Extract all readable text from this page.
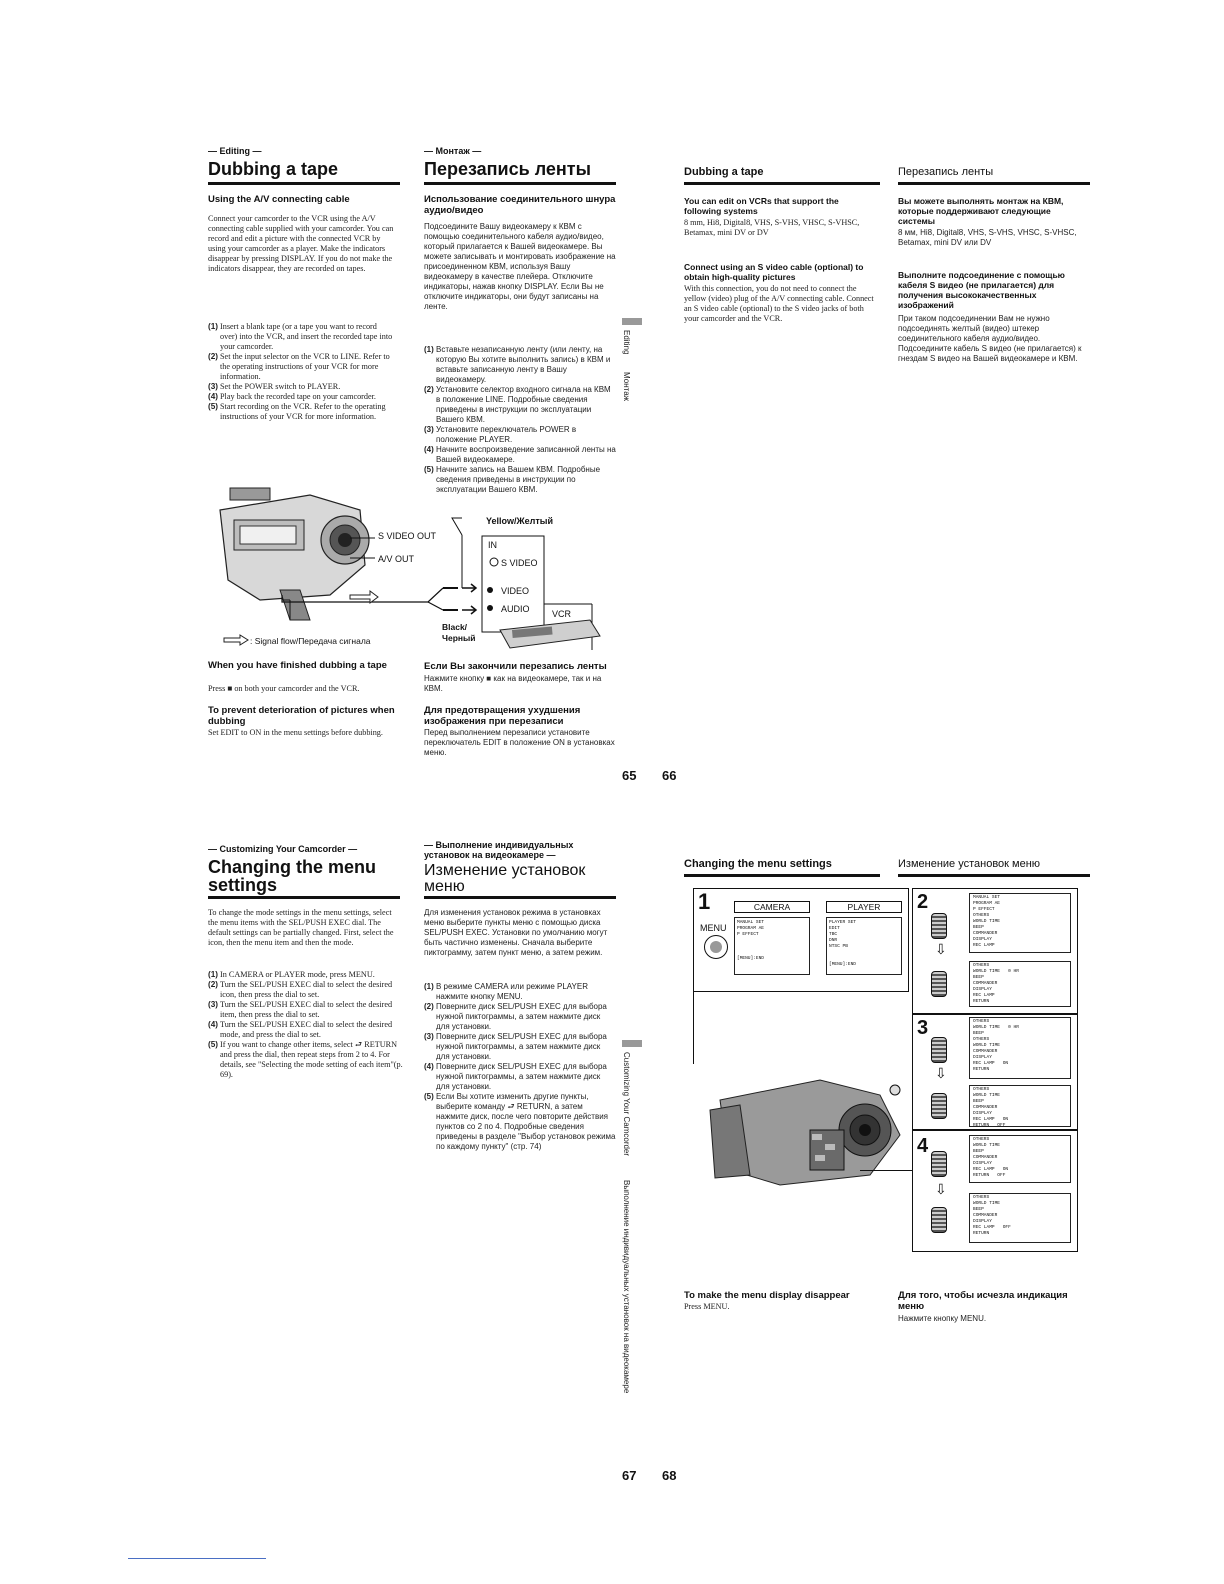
— Editing —
Dubbing a tape
Using the A/V connecting cable
Connect your camcorder to the VCR using the A/V connecting cable supplied with your camcorder. You can record and edit a picture with the connected VCR by using your camcorder as a player. Make the indicators disappear by pressing DISPLAY. If you do not make the indicators disappear, they are recorded on tapes.
(1) Insert a blank tape (or a tape you want to record over) into the VCR, and insert the recorded tape into your camcorder.
(2) Set the input selector on the VCR to LINE. Refer to the operating instructions of your VCR for more information.
(3) Set the POWER switch to PLAYER.
(4) Play back the recorded tape on your camcorder.
(5) Start recording on the VCR. Refer to the operating instructions of your VCR for more information.
— Монтаж —
Перезапись ленты
Использование соединительного шнура аудио/видео
Подсоедините Вашу видеокамеру к КВМ с помощью соединительного кабеля аудио/видео, который прилагается к Вашей видеокамере. Вы можете записывать и монтировать изображение на присоединенном КВМ, используя Вашу видеокамеру в качестве плейера. Отключите индикаторы, нажав кнопку DISPLAY. Если Вы не отключите индикаторы, они будут записаны на ленте.
(1) Вставьте незаписанную ленту (или ленту, на которую Вы хотите выполнить запись) в КВМ и вставьте записанную ленту в Вашу видеокамеру.
(2) Установите селектор входного сигнала на КВМ в положение LINE. Подробные сведения приведены в инструкции по эксплуатации Вашего КВМ.
(3) Установите переключатель POWER в положение PLAYER.
(4) Начните воспроизведение записанной ленты на Вашей видеокамере.
(5) Начните запись на Вашем КВМ. Подробные сведения приведены в инструкции по эксплуатации Вашего КВМ.
Editing
Монтаж
S VIDEO OUT
A/V OUT
Yellow/Желтый
IN
S VIDEO
VIDEO
AUDIO VCR
Black/
Черный
: Signal flow/Передача сигнала
When you have finished dubbing a tape
Press ■ on both your camcorder and the VCR.
To prevent deterioration of pictures when dubbing
Set EDIT to ON in the menu settings before dubbing.
Если Вы закончили перезапись ленты
Нажмите кнопку ■ как на видеокамере, так и на КВМ.
Для предотвращения ухудшения изображения при перезаписи
Перед выполнением перезаписи установите переключатель EDIT в положение ON в установках меню.
Dubbing a tape
You can edit on VCRs that support the following systems
8 mm, Hi8, Digital8, VHS, S-VHS, VHSC, S-VHSC, Betamax, mini DV or DV
Connect using an S video cable (optional) to obtain high-quality pictures
With this connection, you do not need to connect the yellow (video) plug of the A/V connecting cable. Connect an S video cable (optional) to the S video jacks of both your camcorder and the VCR.
Перезапись ленты
Вы можете выполнять монтаж на КВМ, которые поддерживают следующие системы
8 мм, Hi8, Digital8, VHS, S-VHS, VHSC, S-VHSC, Betamax, mini DV или DV
Выполните подсоединение с помощью кабеля S видео (не прилагается) для получения высококачественных изображений
При таком подсоединении Вам не нужно подсоединять желтый (видео) штекер соединительного кабеля аудио/видео. Подсоедините кабель S видео (не прилагается) к гнездам S видео на Вашей видеокамере и КВМ.
65 66
— Customizing Your Camcorder —
Changing the menu
settings
To change the mode settings in the menu settings, select the menu items with the SEL/PUSH EXEC dial. The default settings can be partially changed. First, select the icon, then the menu item and then the mode.
(1) In CAMERA or PLAYER mode, press MENU.
(2) Turn the SEL/PUSH EXEC dial to select the desired icon, then press the dial to set.
(3) Turn the SEL/PUSH EXEC dial to select the desired item, then press the dial to set.
(4) Turn the SEL/PUSH EXEC dial to select the desired mode, and press the dial to set.
(5) If you want to change other items, select ⮐ RETURN and press the dial, then repeat steps from 2 to 4. For details, see "Selecting the mode setting of each item"(p. 69).
— Выполнение индивидуальных установок на видеокамере —
Изменение установок
меню
Для изменения установок режима в установках меню выберите пункты меню с помощью диска SEL/PUSH EXEC. Установки по умолчанию могут быть частично изменены. Сначала выберите пиктограмму, затем пункт меню, а затем режим.
(1) В режиме CAMERA или режиме PLAYER нажмите кнопку MENU.
(2) Поверните диск SEL/PUSH EXEC для выбора нужной пиктограммы, а затем нажмите диск для установки.
(3) Поверните диск SEL/PUSH EXEC для выбора нужной пиктограммы, а затем нажмите диск для установки.
(4) Поверните диск SEL/PUSH EXEC для выбора нужной пиктограммы, а затем нажмите диск для установки.
(5) Если Вы хотите изменить другие пункты, выберите команду ⮐ RETURN, а затем нажмите диск, после чего повторите действия пунктов со 2 по 4. Подробные сведения приведены в разделе "Выбор установок режима по каждому пункту" (стр. 74)	Customizing Your Camcorder
Выполнение индивидуальных установок на видеокамере
Changing the menu settings	Изменение установок меню
1	CAMERA	PLAYER
MENU
MANUAL SET
PROGRAM AE
P EFFECT

[MENU]:END
PLAYER SET
EDIT
TBC
DNR
NTSC PB

[MENU]:END
2
3
4
⇩
⇩
⇩
MANUAL SET
PROGRAM AE
P EFFECT
OTHERS
WORLD TIME
BEEP
COMMANDER
DISPLAY
REC LAMP
OTHERS
WORLD TIME   0 HR
BEEP
COMMANDER
DISPLAY
REC LAMP
RETURN
OTHERS
WORLD TIME   0 HR
BEEP
OTHERS
WORLD TIME
COMMANDER
DISPLAY
REC LAMP   ON
RETURN
OTHERS
WORLD TIME
BEEP
COMMANDER
DISPLAY
REC LAMP   ON
RETURN   OFF
OTHERS
WORLD TIME
BEEP
COMMANDER
DISPLAY
REC LAMP   ON
RETURN   OFF
OTHERS
WORLD TIME
BEEP
COMMANDER
DISPLAY
REC LAMP   OFF
RETURN
To make the menu display disappear
Press MENU.
Для того, чтобы исчезла индикация меню
Нажмите кнопку MENU.
67 68
